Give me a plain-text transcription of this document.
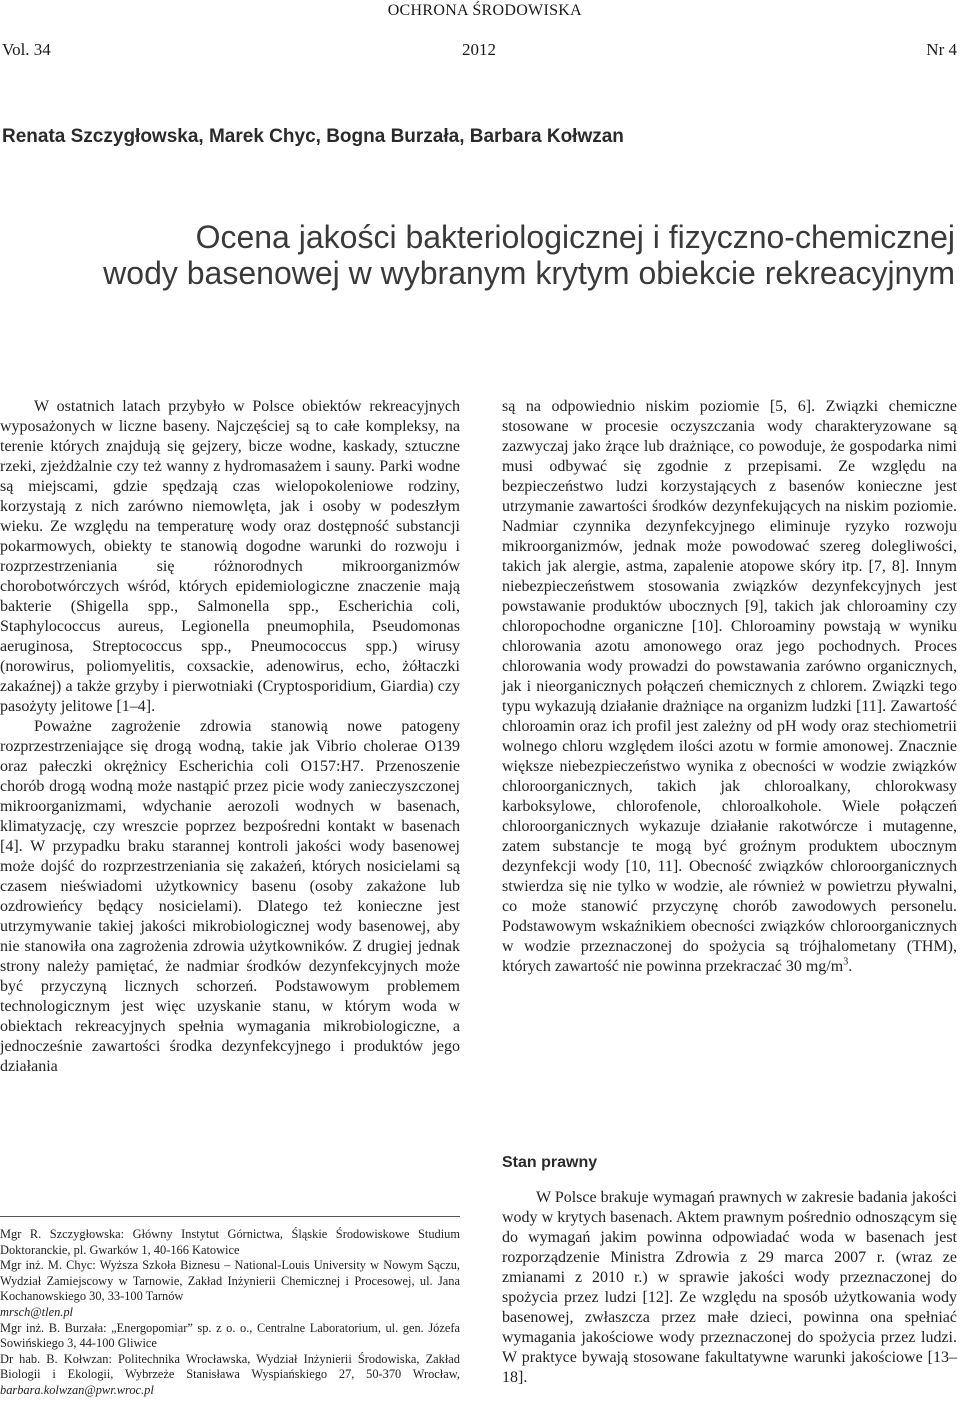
OCHRONA ŚRODOWISKA
Vol. 34	2012	Nr 4
Renata Szczygłowska, Marek Chyc, Bogna Burzała, Barbara Kołwzan
Ocena jakości bakteriologicznej i fizyczno-chemicznej
wody basenowej w wybranym krytym obiekcie rekreacyjnym

W ostatnich latach przybyło w Polsce obiektów rekreacyjnych wyposażonych w liczne baseny. Najczęściej są to całe kompleksy, na terenie których znajdują się gejzery, bicze wodne, kaskady, sztuczne rzeki, zjeżdżalnie czy też wanny z hydromasażem i sauny. Parki wodne są miejscami, gdzie spędzają czas wielopokoleniowe rodziny, korzystają z nich zarówno niemowlęta, jak i osoby w podeszłym wieku. Ze względu na temperaturę wody oraz dostępność substancji pokarmowych, obiekty te stanowią dogodne warunki do rozwoju i rozprzestrzeniania się różnorodnych mikroorganizmów chorobotwórczych wśród, których epidemiologiczne znaczenie mają bakterie (Shigella spp., Salmonella spp., Escherichia coli, Staphylococcus aureus, Legionella pneumophila, Pseudomonas aeruginosa, Streptococcus spp., Pneumococcus spp.) wirusy (norowirus, poliomyelitis, coxsackie, adenowirus, echo, żółtaczki zakaźnej) a także grzyby i pierwotniaki (Cryptosporidium, Giardia) czy pasożyty jelitowe [1–4].

Poważne zagrożenie zdrowia stanowią nowe patogeny rozprzestrzeniające się drogą wodną, takie jak Vibrio cholerae O139 oraz pałeczki okrężnicy Escherichia coli O157:H7. Przenoszenie chorób drogą wodną może nastąpić przez picie wody zanieczyszczonej mikroorganizmami, wdychanie aerozoli wodnych w basenach, klimatyzację, czy wreszcie poprzez bezpośredni kontakt w basenach [4]. W przypadku braku starannej kontroli jakości wody basenowej może dojść do rozprzestrzeniania się zakażeń, których nosicielami są czasem nieświadomi użytkownicy basenu (osoby zakażone lub ozdrowieńcy będący nosicielami). Dlatego też konieczne jest utrzymywanie takiej jakości mikrobiologicznej wody basenowej, aby nie stanowiła ona zagrożenia zdrowia użytkowników. Z drugiej jednak strony należy pamiętać, że nadmiar środków dezynfekcyjnych może być przyczyną licznych schorzeń. Podstawowym problemem technologicznym jest więc uzyskanie stanu, w którym woda w obiektach rekreacyjnych spełnia wymagania mikrobiologiczne, a jednocześnie zawartości środka dezynfekcyjnego i produktów jego działania

są na odpowiednio niskim poziomie [5, 6]. Związki chemiczne stosowane w procesie oczyszczania wody charakteryzowane są zazwyczaj jako żrące lub drażniące, co powoduje, że gospodarka nimi musi odbywać się zgodnie z przepisami. Ze względu na bezpieczeństwo ludzi korzystających z basenów konieczne jest utrzymanie zawartości środków dezynfekujących na niskim poziomie. Nadmiar czynnika dezynfekcyjnego eliminuje ryzyko rozwoju mikroorganizmów, jednak może powodować szereg dolegliwości, takich jak alergie, astma, zapalenie atopowe skóry itp. [7, 8]. Innym niebezpieczeństwem stosowania związków dezynfekcyjnych jest powstawanie produktów ubocznych [9], takich jak chloroaminy czy chloropochodne organiczne [10]. Chloroaminy powstają w wyniku chlorowania azotu amonowego oraz jego pochodnych. Proces chlorowania wody prowadzi do powstawania zarówno organicznych, jak i nieorganicznych połączeń chemicznych z chlorem. Związki tego typu wykazują działanie drażniące na organizm ludzki [11]. Zawartość chloroamin oraz ich profil jest zależny od pH wody oraz stechiometrii wolnego chloru względem ilości azotu w formie amonowej. Znacznie większe niebezpieczeństwo wynika z obecności w wodzie związków chloroorganicznych, takich jak chloroalkany, chlorokwasy karboksylowe, chlorofenole, chloroalkohole. Wiele połączeń chloroorganicznych wykazuje działanie rakotwórcze i mutagenne, zatem substancje te mogą być groźnym produktem ubocznym dezynfekcji wody [10, 11]. Obecność związków chloroorganicznych stwierdza się nie tylko w wodzie, ale również w powietrzu pływalni, co może stanowić przyczynę chorób zawodowych personelu. Podstawowym wskaźnikiem obecności związków chloroorganicznych w wodzie przeznaczonej do spożycia są trójhalometany (THM), których zawartość nie powinna przekraczać 30 $mg/m^3$.

Stan prawny

W Polsce brakuje wymagań prawnych w zakresie badania jakości wody w krytych basenach. Aktem prawnym pośrednio odnoszącym się do wymagań jakim powinna odpowiadać woda w basenach jest rozporządzenie Ministra Zdrowia z 29 marca 2007 r. (wraz ze zmianami z 2010 r.) w sprawie jakości wody przeznaczonej do spożycia przez ludzi [12]. Ze względu na sposób użytkowania wody basenowej, zwłaszcza przez małe dzieci, powinna ona spełniać wymagania jakościowe wody przeznaczonej do spożycia przez ludzi. W praktyce bywają stosowane fakultatywne warunki jakościowe [13–18].

Mgr R. Szczygłowska: Główny Instytut Górnictwa, Śląskie Środowiskowe Studium Doktoranckie, pl. Gwarków 1, 40-166 Katowice

Mgr inż. M. Chyc: Wyższa Szkoła Biznesu – National-Louis University w Nowym Sączu, Wydział Zamiejscowy w Tarnowie, Zakład Inżynierii Chemicznej i Procesowej, ul. Jana Kochanowskiego 30, 33-100 Tarnów
mrsch@tlen.pl

Mgr inż. B. Burzała: „Energopomiar” sp. z o. o., Centralne Laboratorium, ul. gen. Józefa Sowińskiego 3, 44-100 Gliwice

Dr hab. B. Kołwzan: Politechnika Wrocławska, Wydział Inżynierii Środowiska, Zakład Biologii i Ekologii, Wybrzeże Stanisława Wyspiańskiego 27, 50-370 Wrocław, barbara.kolwzan@pwr.wroc.pl
